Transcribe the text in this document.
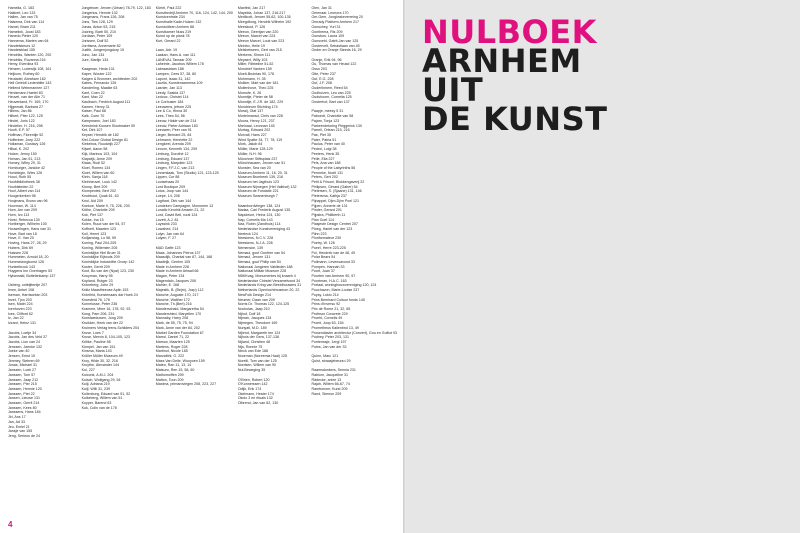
Hamelia, G. 183
Hakkert, Leo 133
Hallen, Jan van 75
Halsema, Dirk van 114
Hamel, Bram 211
Hamelink, Joost 183
Hanedo Pieter 120
Hannema, Marten van 64
Handelsbeurs 12
Handelsblad 155
Hendriks, Wanten 120, 292
Hendriks, Ruvanna 216
Hemy, Everdina 93
Henzen, Ludewijk 108, 161
Heijkom, Ruthey 60
Heutadel, Abraham 162
Heil Geleidt Ledenbitte 143
Hellend Weinmannen 127
Hentzmann Haetel 83
Heuvel, van der Alie 71
Heuvenland, Fr. 169, 170
Hijgematt, Barbara 27
Hillens, Jan 86
Hilbert, Piter 122, 125
Hindel, Joris 122
Hindelier, H. 216, 298
Hooft, E.P. 57
Hoffman, Florentijn 52
Hoffenber, Joep 222
Hollaman, Gustavy 126
Hilkal, K. 202
Holzer, Jenny 150
Homan, Jan 51, 213
Homey, Wiley 29, 31
Homburger, Janicke 42
Homblegin, Wies 126
Hood, Ruth 55
Hoofdbibliotheek 38
Hoofdsteden 22
Hoof, Albert van 114
Hoogerkerken 98
Hoojmans, Bruno van 96
Hoorman, W. 114
Horn, Arn van 209
Horn, Ivo 113
Horst, Rebecca 130
Hortberger, Wilhelm 100
Houwelingen, Hans van 31
Hove, Bart van 18
Hove, E. Van 20
Hoving, Hans 27, 28, 29
Hubers, Dirk 69
Huissen 228
Hummelen, Arnold 18, 20
Hummelzorgkunst 126
Hunkelbrock 143
Huygens Inn Overhagen 53
Hylsewald, Bottelenkamp 137

IJsberg, ontbijttentje 207
Irven, Anbel 108
Iseman, Harrisonfan 203
Inzet, Tjon 203
Isen, Matin 224
Ivenhoven 223
Ives, Clifford 62
Iz, Jan 22
Izzard, Heinz 131

Jacobs, Loetje 34
Jacobs, Jan des Veld 37
Jacobs, Lion van 24
Jenssen, Jaenke 132
Joeke van 40
Jensen, Ernst 15
Jimmey, Siebren 69
Jonas, Michael 31
Janssen, Loek 27
Janssen, Tom 57
Janssen, Jaap 212
Janssen, Pier 215
Janssen, Hennie 120
Janssen, Piet 22
Jansen, Lieuwe 131
Janssen, Gerrit 214
Janssen, Kees 80
Janssens, Hans 184
Jiri, Ans 17
Jan, Ad 33
Jeu, Emiel 21
Jansje van 155
Jeng, Serieus de 24
Jongeboer, Jeroen (Urban) 78-79, 122, 183
Jongerius, Hennie 132
Jongmans, Frans 126, 208
Jons, Ties 128, 129
Jonas, Anton 53, 215
Jooring, Barb 50, 210
Jordaan, Peter 109
Jorissen, Dolf 52
Jorritsma, Annemarie 82
Judith, Jongenjongdorp 15
Juno, Jan 134
Jure, Marlijn 134

Kaagman, Heda 131
Kaper, Wouter 122
Kalgen & Bronmer, architecten 202
Kabes, Fernando 126
Kanderling, Maaike 63
Kant, Coen 22
Kant, Max 22
Kaulbach, Fredrich August 111
Kamen, Henry 31
Kaiser, Paul 68
Kalk, Coen 70
Kampmann, Joel 183
Keesbrink Koosen Slootmaker 59
Ket, Dirk 107
Keysel, Hendrik de 182
Kiel-Colour Global Design 81
Kiekebos, Ruudwijk 227
Kijwel, Aaron 58
Kijk, Marinus 103, 104
Klapwijk, Anne 209
Klaas, Rudi 52
Kloel, Romeo 134
Kloet, Willem van 60
Klein, Sanja 118
Kleinheuvel, Luuk 142
Klomp, Bert 209
Klompenlek, Bert 202
Knobbout, Quak 61, 63
Knol, Aid 209
Koekoe, Marie 9, 75, 226, 230
Köthe, Charlotte 209
Kok, Piet 137
Kokke, Ina 15
Kolen, Ruud van der 54, 57
Koffnelt, Maarten 123
Koll, Hermi 123
Kolljanslag, Lo 58, 59
Koning, Paul 204-205
Koning, Willemien 205
Koninklijke Hiel Bruer 31
Koninklijke Eijbouts 209
Koninklijke Industriële Groep 142
Koster, Gerrit 209
Koot, Bo van der (Nyal) 123, 230
Kooyman, Harry 95
Kopland, Rutger 23
Kröneberg, John 29
Krätz Maastheeuse Aplin 153
Krönfeld, Kunstenaars dar Hoek 24
Kroesfeld 76, 176
Kornelusse, Peter 236
Kramme, Mirre 16, 178, 92, 93
Kong, Pam 206, 231
Kunstweduwen, Jong 209
Kruikker, Henk van der 22
Kruimers Verlag trens-Schilders 204
Kruse, Loes 7
Kruse, Mervin 8, 104-105, 123
Kritike, Pauline 58
Kümpel, Jan van 151
Kinsma, Maria 143
Kröller Müller Museum 49
Kroy, Hilde 30, 32, 216
Kruythe, Alexander 144
Kul, 227
Kuiconk, A.M.J. 204
Kulsch, Wolfgang 29, 54
Kuijl, Adriana 219
Kuijl, Willi 31, 239
Kuilenburg, Eduard van 51, 52
Kulkeberg, Willem van 51
Kuyper, Barend 63
Kuk, Colin van de 178
Kürtel, Paul 222
Kunstbedrijf Arnhem 70, 116, 124, 142, 144, 200
Kunstcentrale 234
Kunsthalle Kade-Huizen 132
Kunstuitleen Arnhem 88
Kunstkamer Nuss 219
Kunst op de plank 78
Kurt, Gerard 22

Laan, Adr. 19
Laakan, Hans A. van 111
LANEVAL Tamaar 209
Laheinte, Jacobus Willem 178
Labraastdam 188
Lampen, Cees 57, 38, 80
Lapont, Isaac 31, 142
Laurlla, Kunstenaarmess 109
Lasnier, Jan 113
Leedy, Saskia 137
Ledoux, Christel 114
Le Corbusier 184
Leeuwens, jefrom 225
Lee & Co, Hinna 30
Lees, Theo 54, 56
Leeuw, Hidde van de 214
Leeuw, Pieter Adriaan 183
Leeuwen, Peer van 91
Lieger, Bernard 25, 84
Lehmann, Henriette 22
Lengkeel, Arenda 209
Leoom, Kenneth 134, 209
Limburg, Dorothé 12
Limburg, Eduard 137
Limburg, Marjolein 123
Lingen, F.F.J.C. van 213
Linnenkaak, Tom (Studio) 121, 123-125
Lippen, Cor 88
Louisehaas 20
Lord Boutique 209
Lotus, Joop van 144
Loepe, 14, 206
Lugthart, Dirk van 144
Lundeken Campagne, Monumen 13
Lunatic Kendrik Amsein 21, 22
Lord, David Bell, rural 124
Lovett, A.J. 81
Luyssink 233
Lowahed, 214
Lulyn, Jan van 64
Lulyen, F. 27

MAD Gaffe 123
Maas, Johannes Petrus 137
Maasdijk, Chantal van 87, 144, 168
Maaltrijk, Gerrinn 105
Made in Arnhem 228
Made in Arnhem Artwall 66
Magan, Peter 134
Magendalo, Jacques 206
Mahler, E. 168
Majestik, B. (Bejm), Jozp) 112
Manche, Auguste 170, 217
Manche, Walther 172
Manche, Th.(Bert) 216
Manderschaid, Margaretha 54
Mandershied, Maryellen 170
Mannaby, Harry 208
Mark, de 55, 75, 75, 94
Mark, Anne van der 84, 202
Market Garden Foundation 67
Marroi, Daniel 71, 22
Marrow, Maarten 125
Martens, Roger 228
Martinot, Nicole 185
Marzalbhi, G. 222
Mass Van Delle, Wooyoen 159
Mateo, Ran 11, 13, 14
Matsuru, Ren 15, 58, 60
Mathomoffen 209
Matton, Toon 209
Maxima, primaroviegen 208, 223, 227
Maxfeld, Jan 217
Mayelda, Johan 137, 216-217
Medlicott, Jeroen 55-62, 100-135
Meegdburg, Hendrik Wilhelm 192
Meeskool, P. 126
Meeun, Geertjan van 220
Meeun, Marcel van 224
Meeun Marcel, Louk van 223
Meinbo, Heile 19
Melsbetween, Gert van 215
Merkens, Simon 111
Meyaert, Willy 103
Miller, Ribbeline 51-52
Mondrief Vanken 159
Moelt-Bruintas 90, 178
Mohrmann, H. 35
Molkier, Mart van der 181
Mollenhove, Theo 225
Momofe, K. 26
Monnitje, Pieter de 58
Monnitje, E.J.R. de 182, 229
Mondrieum Stichting 174
Moraij, Olaf 137
Mortelmansd, Chris van 228
Moura, Henry 121, 237
Mreinaal, Leonnan 145
Mortag, Edward 202
Morvall, Hans 227
Wind Spatte 34, 77, 78, 119
Mork, Jakob 84
Müller, Marie 128-129
Müller, N.H. 96
Münchner Stiftsplatz 237
Münchhausen, Jeroen van 51
Munster, Sea van 20
Museum Arnhem 11, 16, 20, 31
Museum Bronbeek 139, 216
Museum het Jagthuis 123
Museum Nijmegen (Het Valkhof) 132
Museum de Fundatie 221
Museum Swanenburgh 7

Naambordvlieger 138, 124
Nadaa, Carl Frederik August 135
Napoleum, Heinz 124, 130
Nap, Cornelis Ma 143
Naz, Robin (Zandhuis) 114
Nederlandse Kunstvereniging 43
Neeleck 124
Neeskens, N.C.V. 228
Neeskens, N.J.A. 228
Nemenske, 139
Nemaul, gouf Gunther van 54
Nemaul, Jeroen 131
Nemaul, gouf Philip van 54
Nationaal Jongeren Vaklieden 188
Nationaal Militair Museum 228
NBKKvag, Monumentes bij knaarh 4
Nederlandse Chirstel Verzamelvond 34
Nederlands Kring van Beeldhouwers 31
Netherlands Openluchtmuseum 20, 22
NewFolk Design 214
Neumer, Daan van 209
Norris Dr. Thomas 122, 124-125
Nocholas, Jaap 210
Nijhof, Dolf 18
Nijman, Jacques 134
Nijmegen, Theodore 169
Nunyati, M.D. 189
Nijlend, Margareth ten 124
Nijhuis der Gera, 137-138
Nijland, Christien 48
Nijs, Ronnie 75
Ninck van Ede 188
Noorman (Noreemia Haal) 125
Norelli, Tom van der 125
Nordsen, Willem van 90
Nul-Beweging 35

O'Brien, Robert 120
O'Konnerssen 142
Odijk, Erik 174
Okelmann, Hester 174
Okolo 3 en rituals 132
Olbrend, Jan van 62, 130
Olen, Jan 31
Omenaar, Leonora 170
Om-Gem, Jongkrakeverreing 20
Omrady Platform Arnhem 217
Oonschey, Yuri 31
Oonthema, Ris 209
Oonsbos, Laura 109
Oonsveld, Gatrit-Jan van 125
Oostervelt, Sebastiaan van 45
Onder-en Oranje Steeds 16, 29

Oranje, Erik 94, 96
Ou, Thomas van Heusd 122
Osso 203
Otte, Peter 237
Ouf, E.G. 228
Ouf, J.F. 208
Ouderlinnem, Reed 54
Oudhuizen, Leo van 225
Oudshoorn, Cornelia 125
Oosterhof, Bart van 137

Paapje, meesy 5 31
Paboedt, Charlotte van 58
Pajam, Tonja 123
Parkeerdetoring Pinggerick 130
Parrell, Orlean 215, 216
Pas, Piet 35
Pater, Patria 51
Paulus, Peter van 40
Pedrol, Luigi 38
Peeters, Henk 35
Pelle, Ella 227
Pels, Ana van 188
People of the Labyrinths 56
Permeke, Noeli 131
Peters, Gert 202
Petit & Frisoni, Blokkengaverij 22
Philipsen, Gérard (Gaber) 54
Pietersen, S. (Sjaane) 131, 146
Pietersma, Kathja 237
Pijnappel, Djim-Djim Poel 121
Pijpen, Annerie de 131
Pinder, Gerard 201
Pijpstra, Philiberth 11
Plan Goel 114
Plasjeste Design Centrel 207
Ploeg, Hariet van der 123
Plinn 223
Pluriformateur 230
Poetry, W. 126
Poeel, Herre 223-225
Pol, Hendrek van de 48, 49
Polar Bears 54
Pollmann, Levensavond 33
Pompen, Hannah 33
Poort, Juan 37
Poorten van Arnhem 90, 57
Poortman, H.A.C. 163
Portaal, woningbouwvereniging 120, 124
Pouchavon, Marie-Louise 237
Poysy, Lukio 214
Prins Bernhard Cultuur fonds 145
Prins d'Inversu 92
Prix de Rome 21, 32, 65
Profesor Concrete 229
Proeht, Cornelis 49
Proeit, Joop 63, 154
Prometheus Kallenbrol 13, 49
Prosendiavim architectur (Convert), Gou en Guillot 93
Pudney, Peter 203, 131
Punterwaje, 1ergi 197
Putns, Jan van der 33

Quinn, Marc 121
Quist, straasjebeurzo 29

Raamsdonkers, Sennia 231
Rabiom, Jacqueline 31
Rädecke, arbre 13
Rajah, Willem 66-67, 74
Rambonner, Kurst 209
Rand, Simeon 209
4
NULBOEK
ARNHEM
UIT
DE KUNST
